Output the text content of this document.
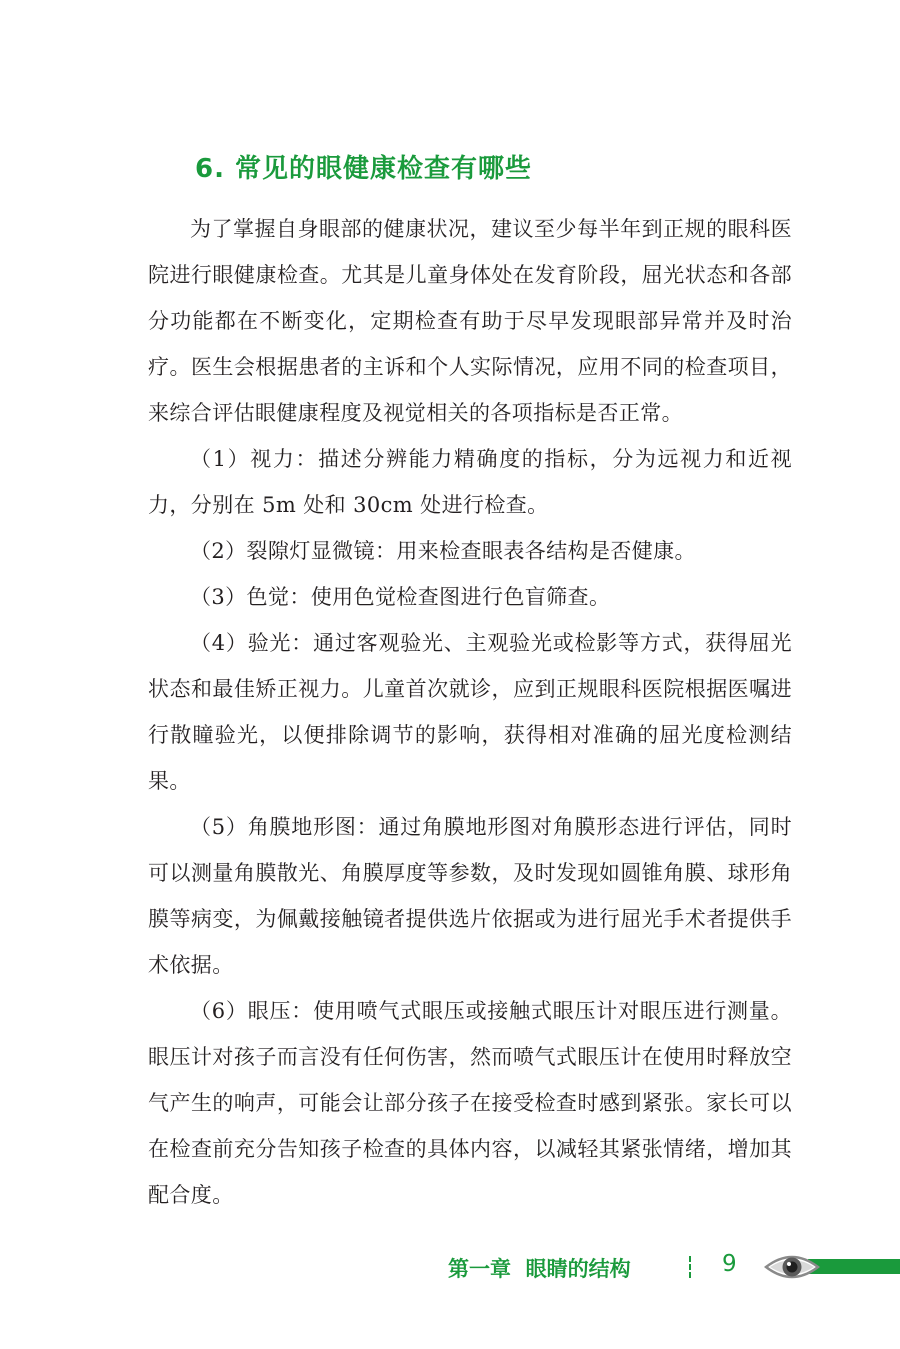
6. 常见的眼健康检查有哪些

为了掌握自身眼部的健康状况，建议至少每半年到正规的眼科医院进行眼健康检查。尤其是儿童身体处在发育阶段，屈光状态和各部分功能都在不断变化，定期检查有助于尽早发现眼部异常并及时治疗。医生会根据患者的主诉和个人实际情况，应用不同的检查项目，来综合评估眼健康程度及视觉相关的各项指标是否正常。

（1）视力：描述分辨能力精确度的指标，分为远视力和近视力，分别在 5m 处和 30cm 处进行检查。

（2）裂隙灯显微镜：用来检查眼表各结构是否健康。

（3）色觉：使用色觉检查图进行色盲筛查。

（4）验光：通过客观验光、主观验光或检影等方式，获得屈光状态和最佳矫正视力。儿童首次就诊，应到正规眼科医院根据医嘱进行散瞳验光，以便排除调节的影响，获得相对准确的屈光度检测结果。

（5）角膜地形图：通过角膜地形图对角膜形态进行评估，同时可以测量角膜散光、角膜厚度等参数，及时发现如圆锥角膜、球形角膜等病变，为佩戴接触镜者提供选片依据或为进行屈光手术者提供手术依据。

（6）眼压：使用喷气式眼压或接触式眼压计对眼压进行测量。眼压计对孩子而言没有任何伤害，然而喷气式眼压计在使用时释放空气产生的响声，可能会让部分孩子在接受检查时感到紧张。家长可以在检查前充分告知孩子检查的具体内容，以减轻其紧张情绪，增加其配合度。

第一章  眼睛的结构	9
